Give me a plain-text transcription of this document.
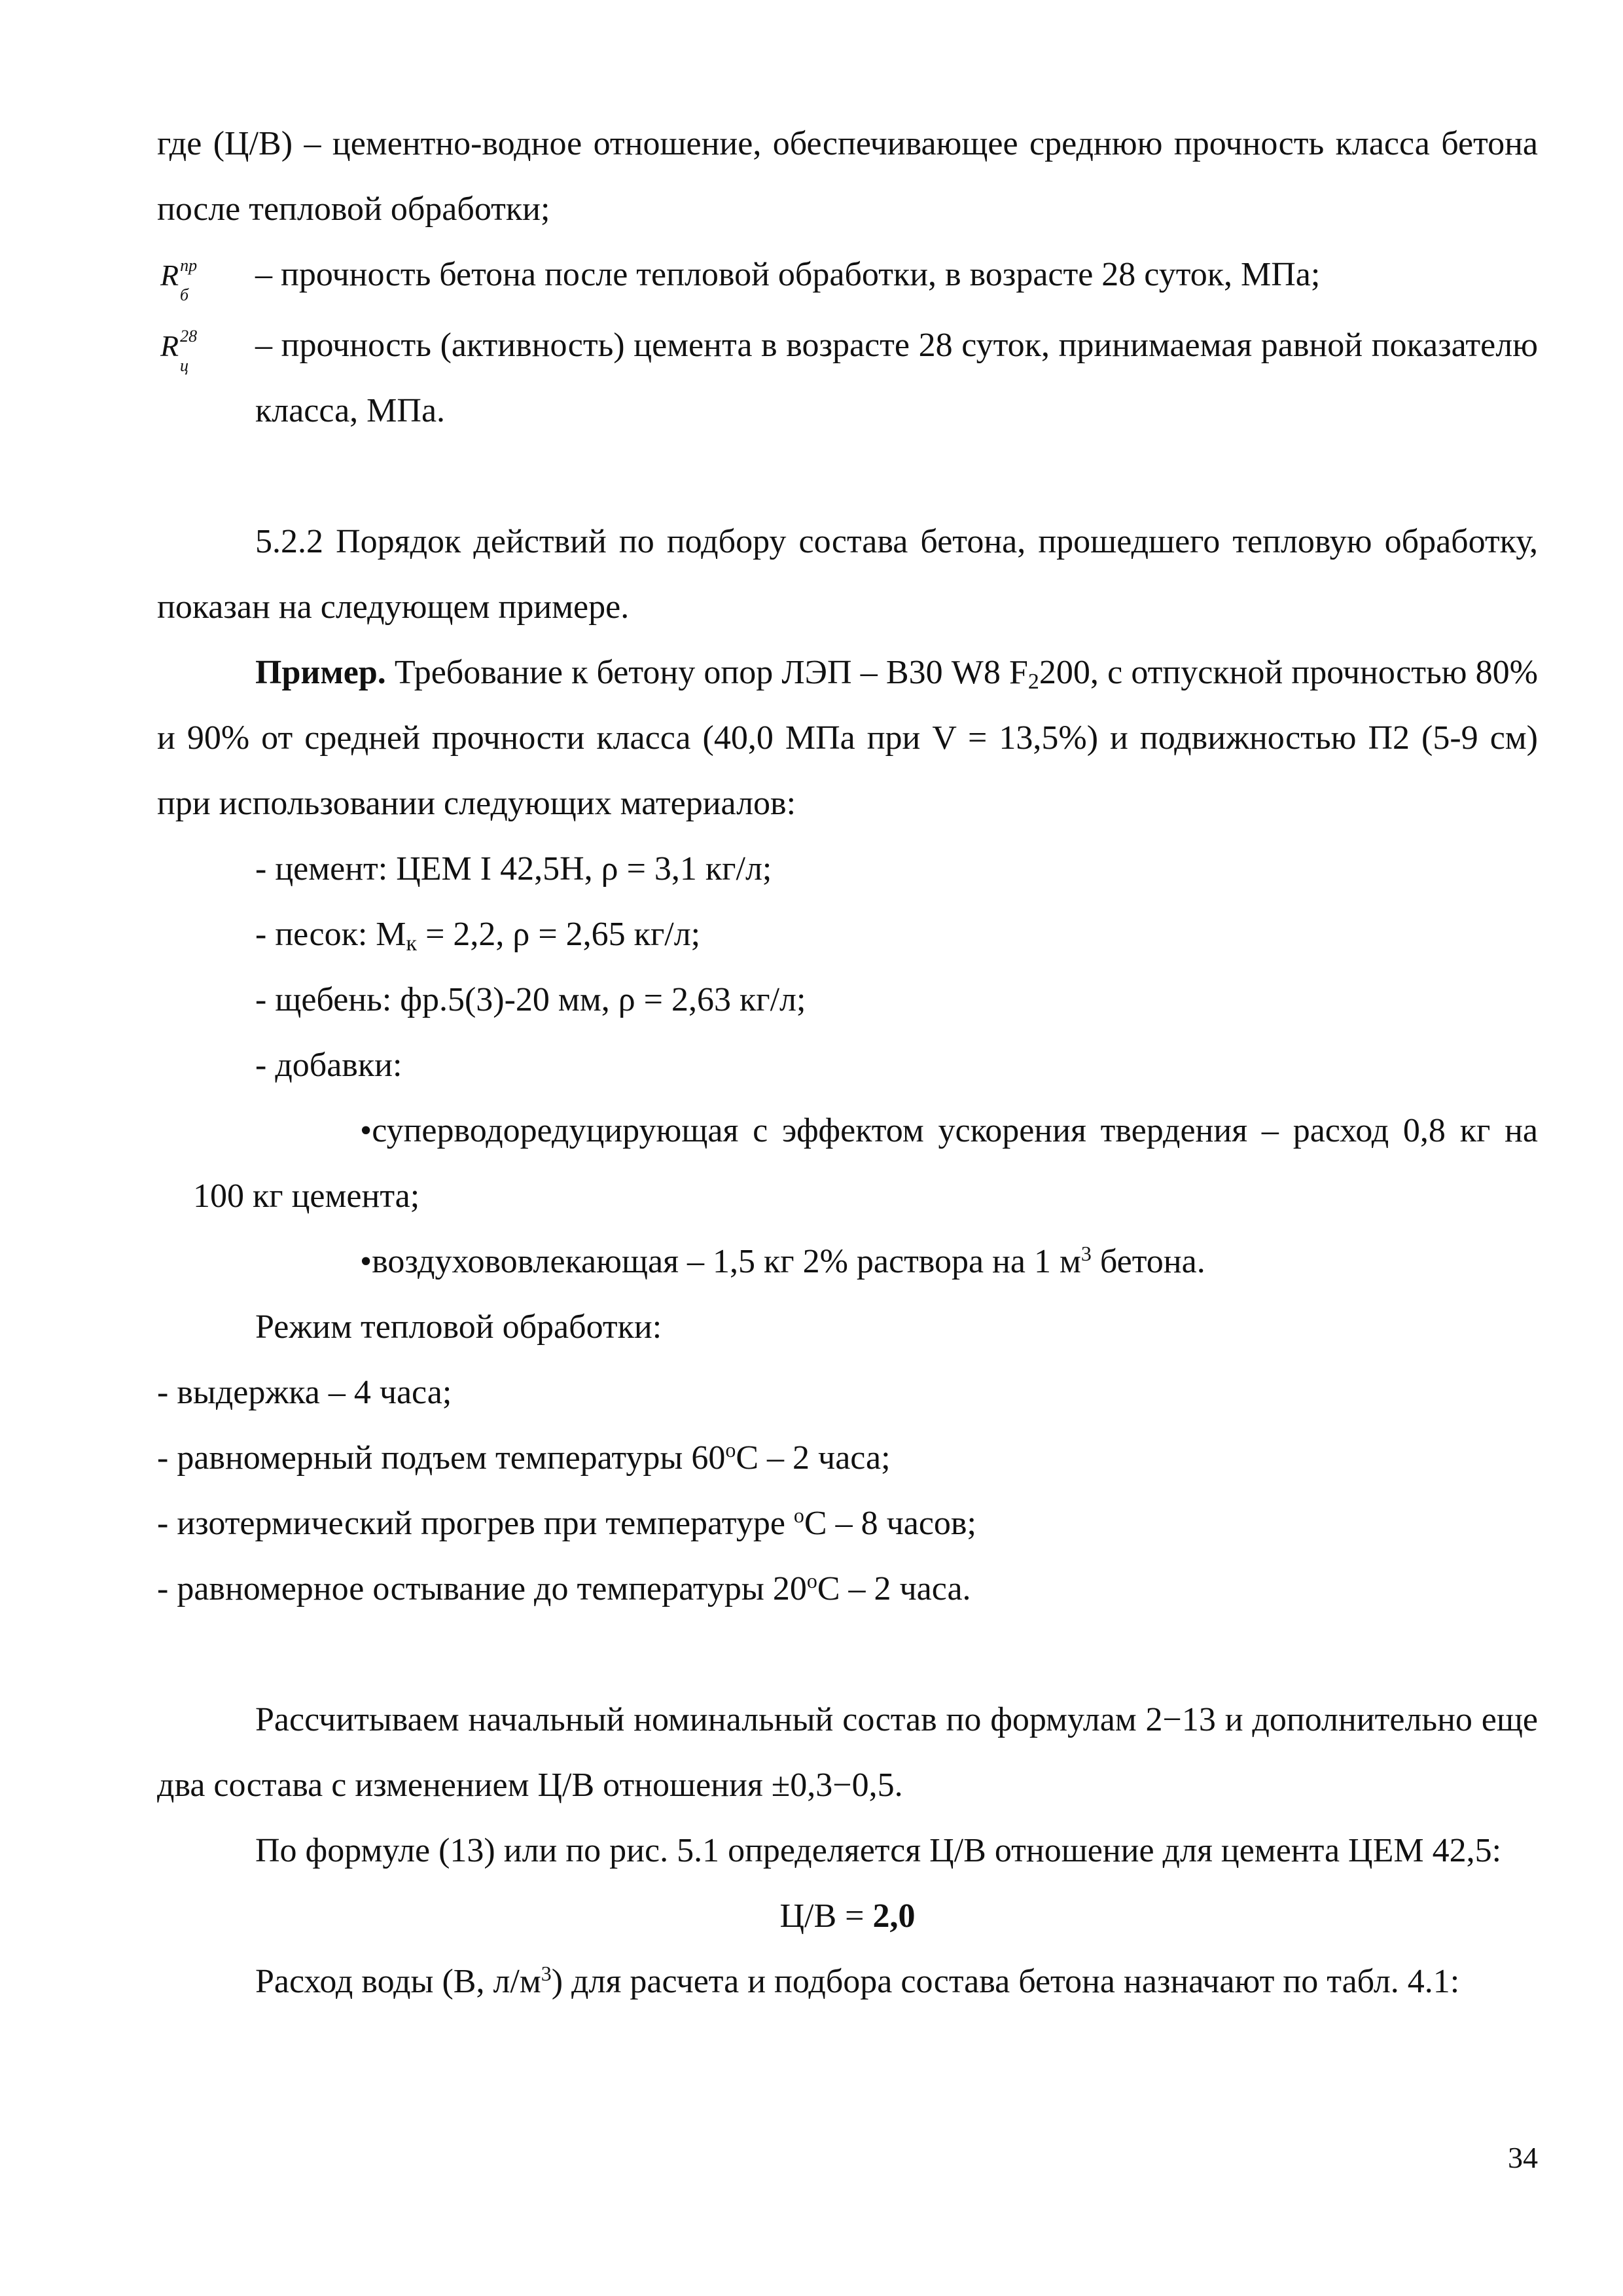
где (Ц/В) – цементно-водное отношение, обеспечивающее среднюю прочность класса бетона после тепловой обработки;

$R^{пр}$
б
– прочность бетона после тепловой обработки, в возрасте 28 суток, МПа;
$R^{28}$
ц
– прочность (активность) цемента в возрасте 28 суток, принимаемая равной показателю класса, МПа.

5.2.2 Порядок действий по подбору состава бетона, прошедшего тепловую обработку, показан на следующем примере.

Пример. Требование к бетону опор ЛЭП – В30 W8 $F_2200$, с отпускной прочностью 80% и 90% от средней прочности класса (40,0 МПа при V = 13,5%) и подвижностью П2 (5-9 см) при использовании следующих материалов:

- цемент: ЦЕМ I 42,5Н, ρ = 3,1 кг/л;

- песок: $М_к = 2,2$, ρ = 2,65 кг/л;

- щебень: фр.5(3)-20 мм, ρ = 2,63 кг/л;

- добавки:

•суперводоредуцирующая с эффектом ускорения твердения – расход 0,8 кг на 100 кг цемента;

•воздухововлекающая – 1,5 кг 2% раствора на 1 $м^3$ бетона.

Режим тепловой обработки:

- выдержка – 4 часа;

- равномерный подъем температуры $60^оС - 2$ часа;

- изотермический прогрев при температуре $^о$С – 8 часов;

- равномерное остывание до температуры $20^оС - 2$ часа.

Рассчитываем начальный номинальный состав по формулам 2−13 и дополнительно еще два состава с изменением Ц/В отношения ±0,3−0,5.

По формуле (13) или по рис. 5.1 определяется Ц/В отношение для цемента ЦЕМ 42,5:

Ц/В = 2,0

Расход воды (В, $л/м^3$) для расчета и подбора состава бетона назначают по табл. 4.1:

34
